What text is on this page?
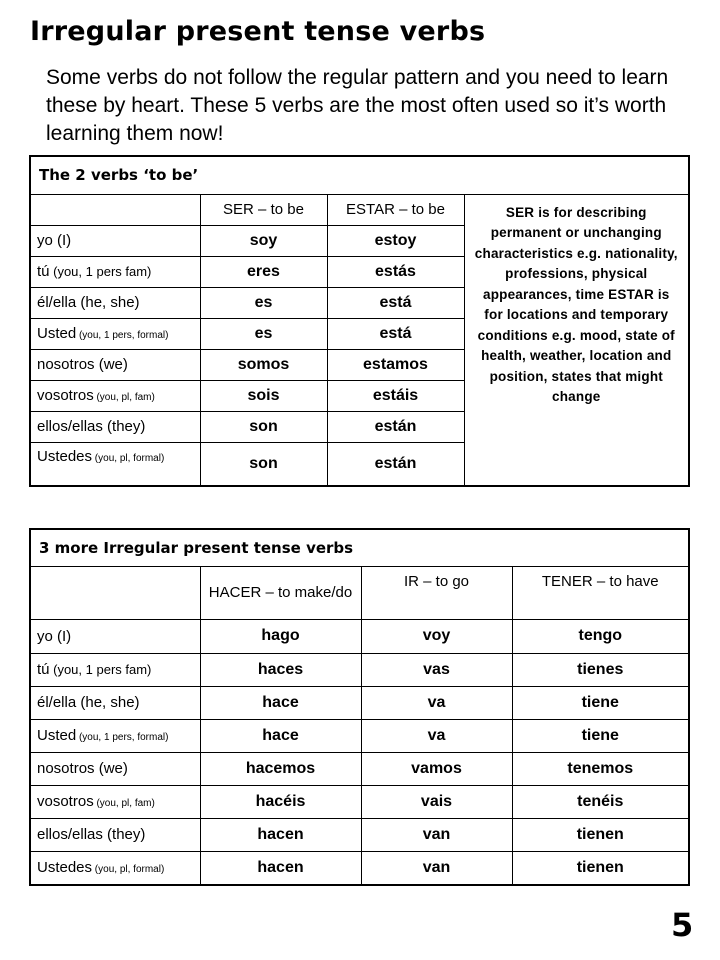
Irregular present tense verbs
Some verbs do not follow the regular pattern and you need to learn these by heart. These 5 verbs are the most often used so it’s worth learning them now!
The 2 verbs ‘to be’			
	SER – to be	ESTAR – to be	SER is for describing permanent or unchanging characteristics e.g. nationality, professions, physical appearances, time ESTAR is for locations and temporary conditions e.g. mood, state of health, weather, location and position, states that might change
yo (I)	soy	estoy	
tú (you, 1 pers fam)	eres	estás	
él/ella (he, she)	es	está	
Usted (you, 1 pers, formal)	es	está	
nosotros (we)	somos	estamos	
vosotros (you, pl, fam)	sois	estáis	
ellos/ellas (they)	son	están	
Ustedes (you, pl, formal)	son	están	
3 more Irregular present tense verbs			
	HACER – to make/do	IR – to go	TENER – to have
yo (I)	hago	voy	tengo
tú (you, 1 pers fam)	haces	vas	tienes
él/ella (he, she)	hace	va	tiene
Usted (you, 1 pers, formal)	hace	va	tiene
nosotros (we)	hacemos	vamos	tenemos
vosotros (you, pl, fam)	hacéis	vais	tenéis
ellos/ellas (they)	hacen	van	tienen
Ustedes (you, pl, formal)	hacen	van	tienen
5
